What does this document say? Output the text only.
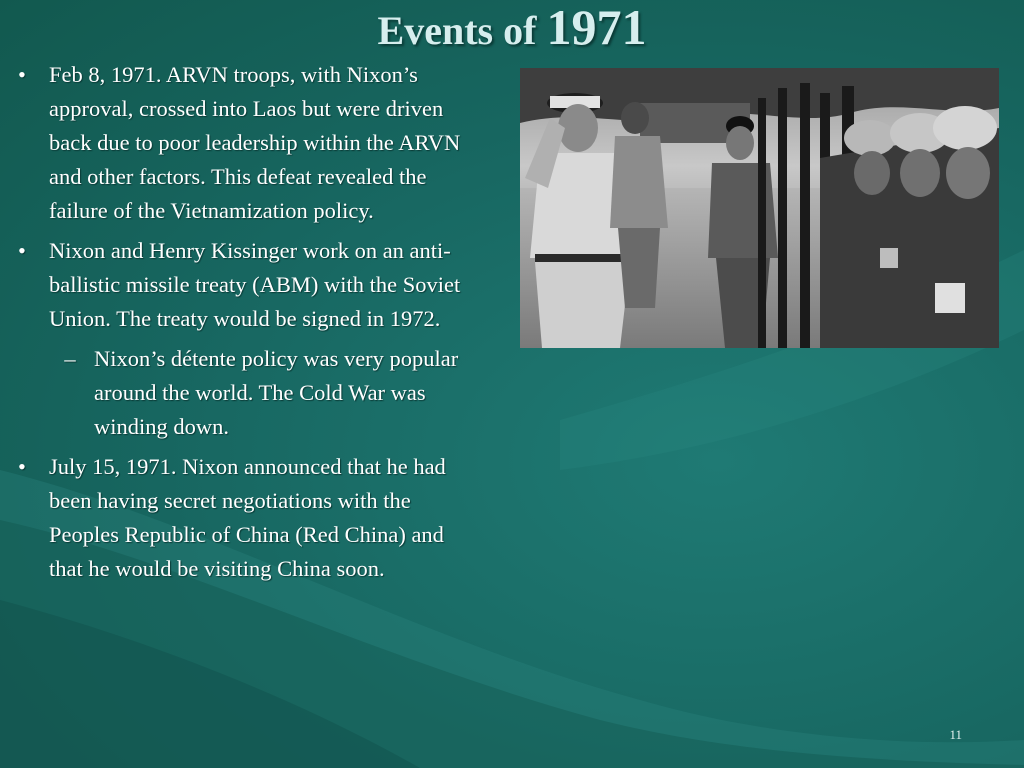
Events of 1971
• Feb 8, 1971. ARVN troops, with Nixon’s approval, crossed into Laos but were driven back due to poor leadership within the ARVN and other factors. This defeat revealed the failure of the Vietnamization policy.
• Nixon and Henry Kissinger work on an anti-ballistic missile treaty (ABM) with the Soviet Union. The treaty would be signed in 1972.
– Nixon’s détente policy was very popular around the world. The Cold War was winding down.
• July 15, 1971. Nixon announced that he had been having secret negotiations with the Peoples Republic of China (Red China) and that he would be visiting China soon.
11
